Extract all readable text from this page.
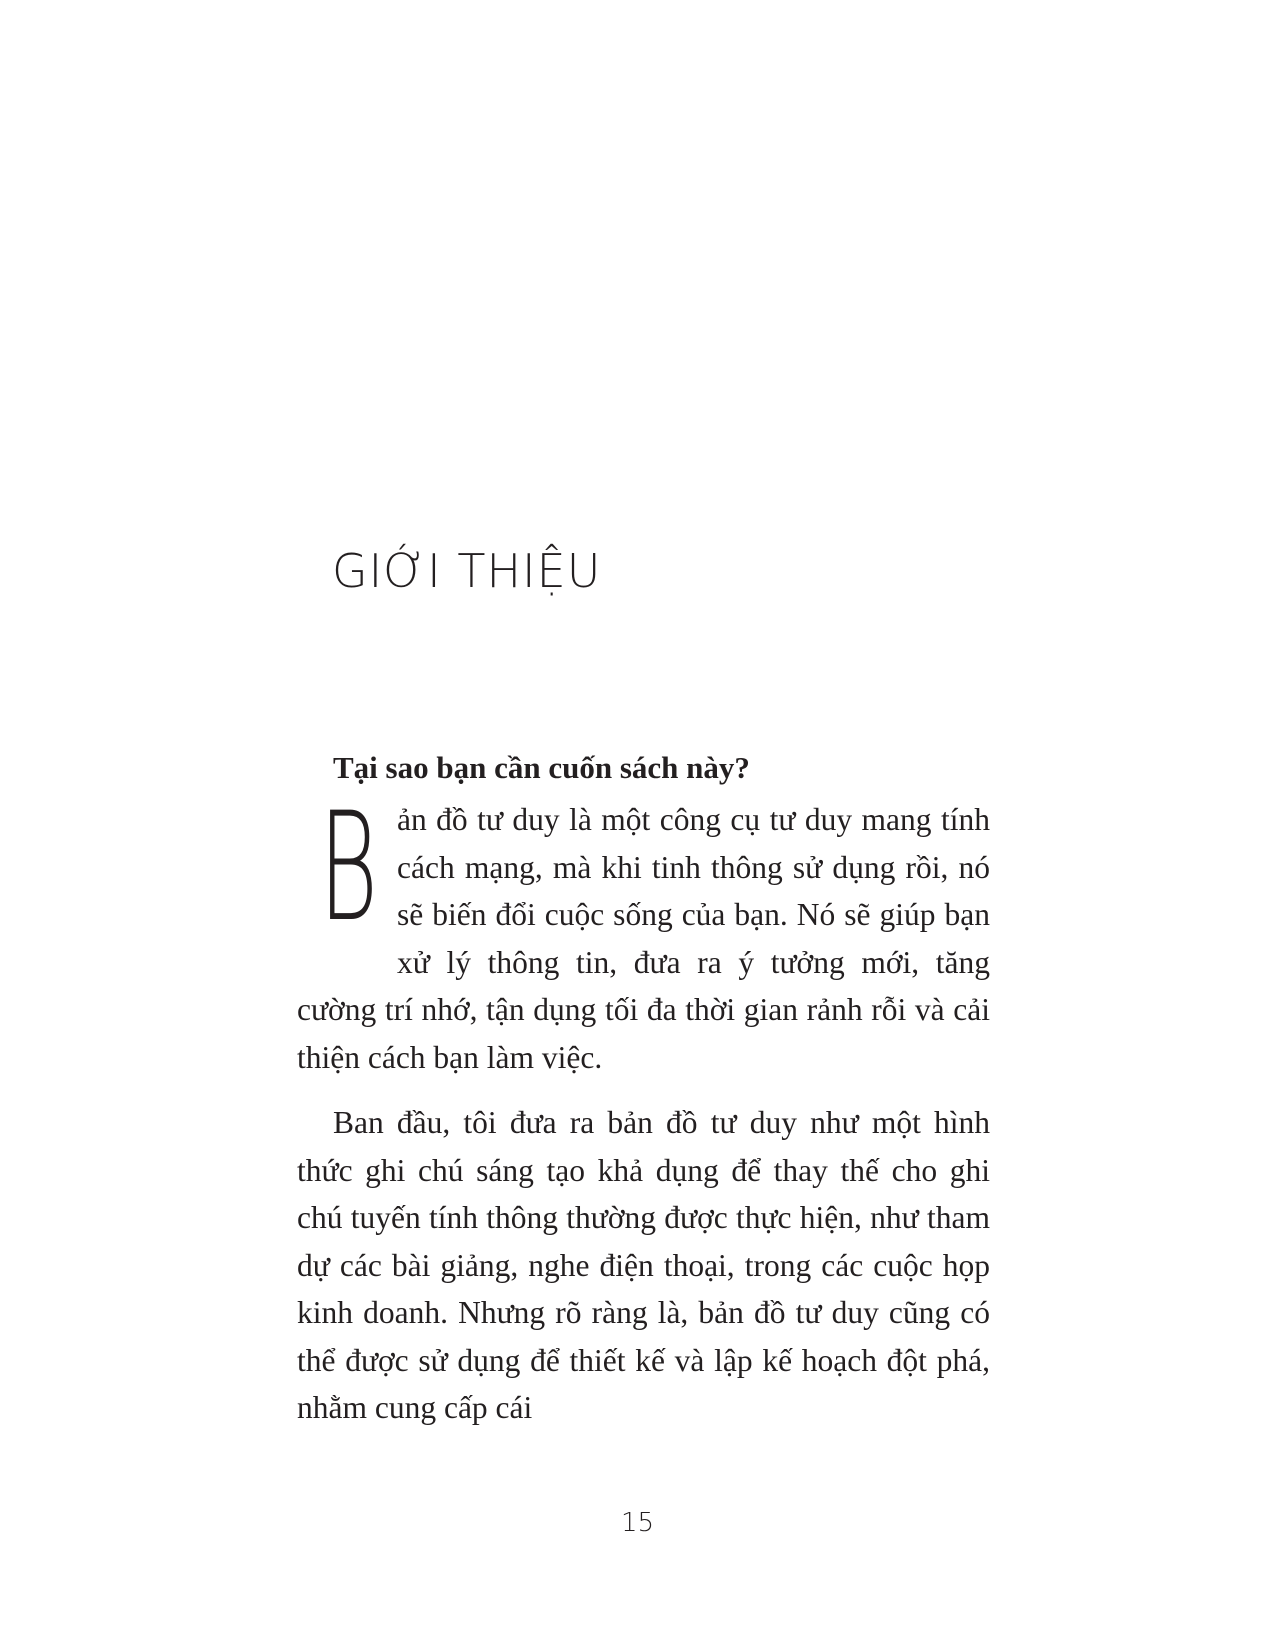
GIỚI THIỆU
Tại sao bạn cần cuốn sách này?

Bản đồ tư duy là một công cụ tư duy mang tính cách mạng, mà khi tinh thông sử dụng rồi, nó sẽ biến đổi cuộc sống của bạn. Nó sẽ giúp bạn xử lý thông tin, đưa ra ý tưởng mới, tăng cường trí nhớ, tận dụng tối đa thời gian rảnh rỗi và cải thiện cách bạn làm việc.

Ban đầu, tôi đưa ra bản đồ tư duy như một hình thức ghi chú sáng tạo khả dụng để thay thế cho ghi chú tuyến tính thông thường được thực hiện, như tham dự các bài giảng, nghe điện thoại, trong các cuộc họp kinh doanh. Nhưng rõ ràng là, bản đồ tư duy cũng có thể được sử dụng để thiết kế và lập kế hoạch đột phá, nhằm cung cấp cái

15
